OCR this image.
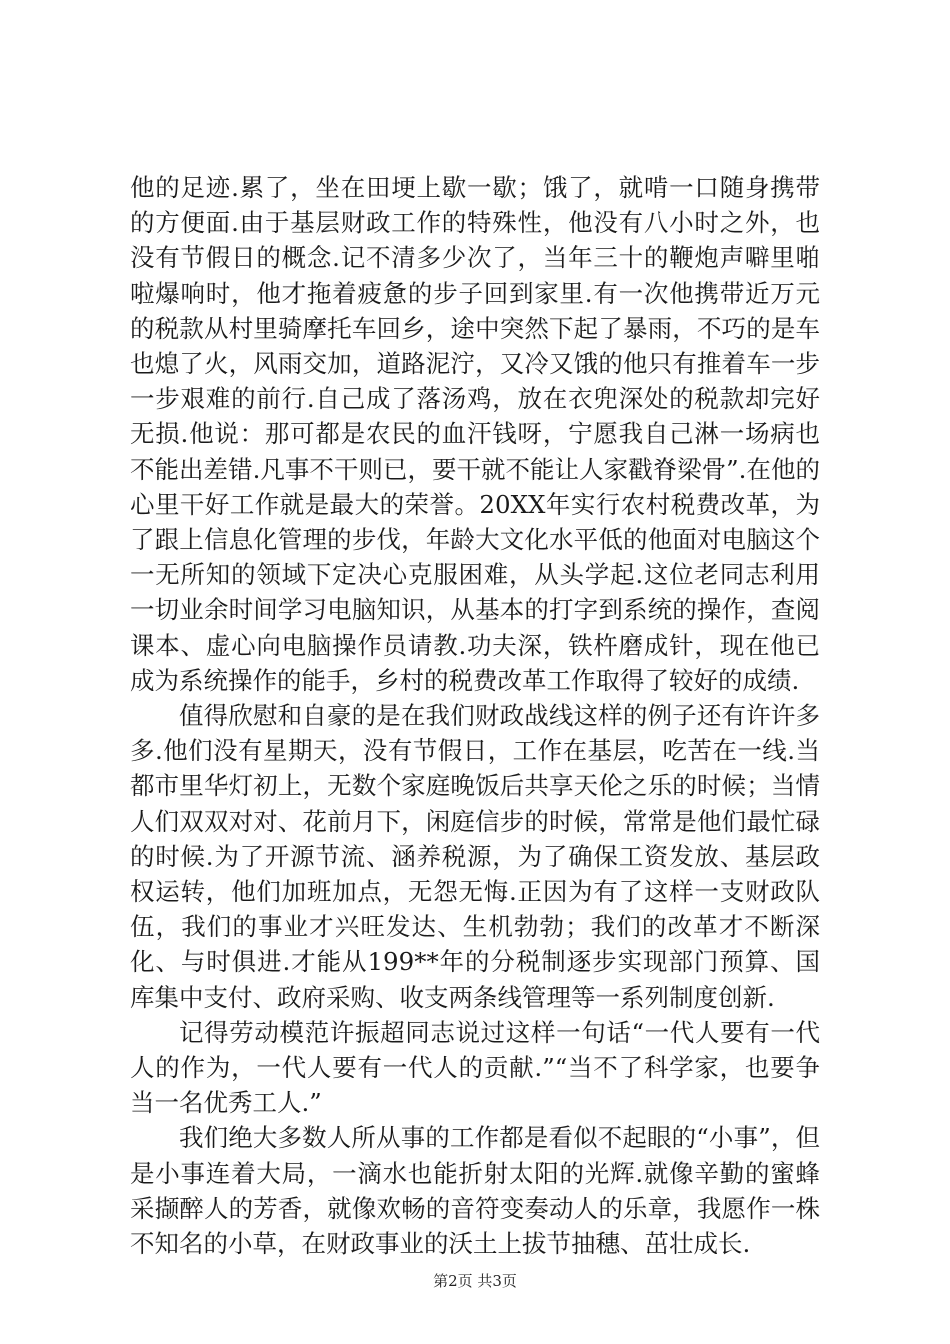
他的足迹.累了，坐在田埂上歇一歇；饿了，就啃一口随身携带的方便面.由于基层财政工作的特殊性，他没有八小时之外，也没有节假日的概念.记不清多少次了，当年三十的鞭炮声噼里啪啦爆响时，他才拖着疲惫的步子回到家里.有一次他携带近万元的税款从村里骑摩托车回乡，途中突然下起了暴雨，不巧的是车也熄了火，风雨交加，道路泥泞，又冷又饿的他只有推着车一步一步艰难的前行.自己成了落汤鸡，放在衣兜深处的税款却完好无损.他说：那可都是农民的血汗钱呀，宁愿我自己淋一场病也不能出差错.凡事不干则已，要干就不能让人家戳脊梁骨”.在他的心里干好工作就是最大的荣誉。20XX年实行农村税费改革，为了跟上信息化管理的步伐，年龄大文化水平低的他面对电脑这个一无所知的领域下定决心克服困难，从头学起.这位老同志利用一切业余时间学习电脑知识，从基本的打字到系统的操作，查阅课本、虚心向电脑操作员请教.功夫深，铁杵磨成针，现在他已成为系统操作的能手，乡村的税费改革工作取得了较好的成绩.

值得欣慰和自豪的是在我们财政战线这样的例子还有许许多多.他们没有星期天，没有节假日，工作在基层，吃苦在一线.当都市里华灯初上，无数个家庭晚饭后共享天伦之乐的时候；当情人们双双对对、花前月下，闲庭信步的时候，常常是他们最忙碌的时候.为了开源节流、涵养税源，为了确保工资发放、基层政权运转，他们加班加点，无怨无悔.正因为有了这样一支财政队伍，我们的事业才兴旺发达、生机勃勃；我们的改革才不断深化、与时俱进.才能从199**年的分税制逐步实现部门预算、国库集中支付、政府采购、收支两条线管理等一系列制度创新.

记得劳动模范许振超同志说过这样一句话“一代人要有一代人的作为，一代人要有一代人的贡献.”“当不了科学家，也要争当一名优秀工人.”

我们绝大多数人所从事的工作都是看似不起眼的“小事”，但是小事连着大局，一滴水也能折射太阳的光辉.就像辛勤的蜜蜂采撷醉人的芳香，就像欢畅的音符变奏动人的乐章，我愿作一株不知名的小草，在财政事业的沃土上拔节抽穗、茁壮成长.

第2页 共3页
